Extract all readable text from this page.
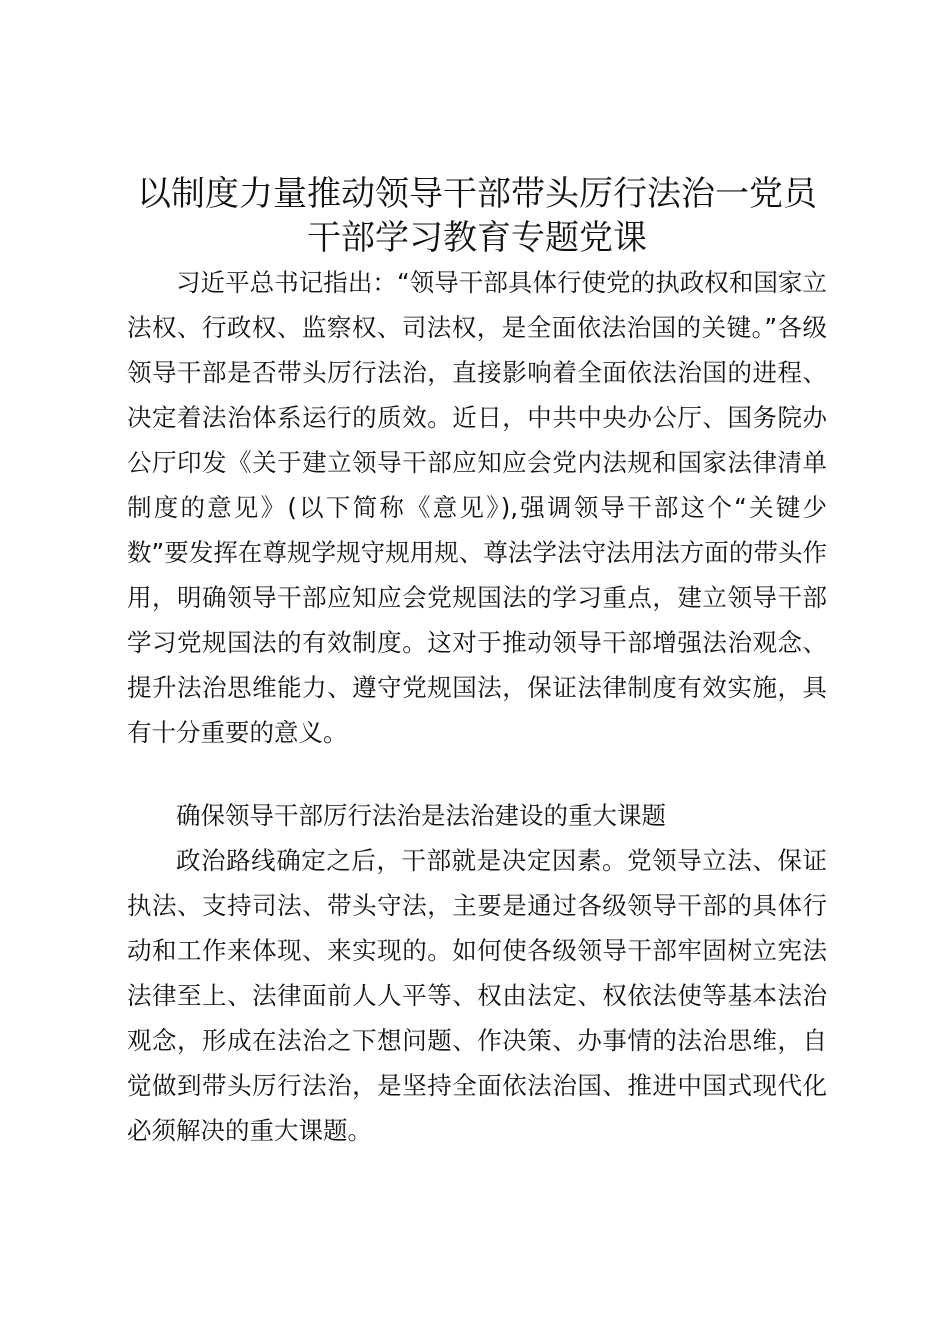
以制度力量推动领导干部带头厉行法治一党员干部学习教育专题党课

习近平总书记指出：“领导干部具体行使党的执政权和国家立法权、行政权、监察权、司法权，是全面依法治国的关键。”各级领导干部是否带头厉行法治，直接影响着全面依法治国的进程、决定着法治体系运行的质效。近日，中共中央办公厅、国务院办公厅印发《关于建立领导干部应知应会党内法规和国家法律清单制度的意见》(以下简称《意见》),强调领导干部这个“关键少数”要发挥在尊规学规守规用规、尊法学法守法用法方面的带头作用，明确领导干部应知应会党规国法的学习重点，建立领导干部学习党规国法的有效制度。这对于推动领导干部增强法治观念、提升法治思维能力、遵守党规国法，保证法律制度有效实施，具有十分重要的意义。

确保领导干部厉行法治是法治建设的重大课题

政治路线确定之后，干部就是决定因素。党领导立法、保证执法、支持司法、带头守法，主要是通过各级领导干部的具体行动和工作来体现、来实现的。如何使各级领导干部牢固树立宪法法律至上、法律面前人人平等、权由法定、权依法使等基本法治观念，形成在法治之下想问题、作决策、办事情的法治思维，自觉做到带头厉行法治，是坚持全面依法治国、推进中国式现代化必须解决的重大课题。
